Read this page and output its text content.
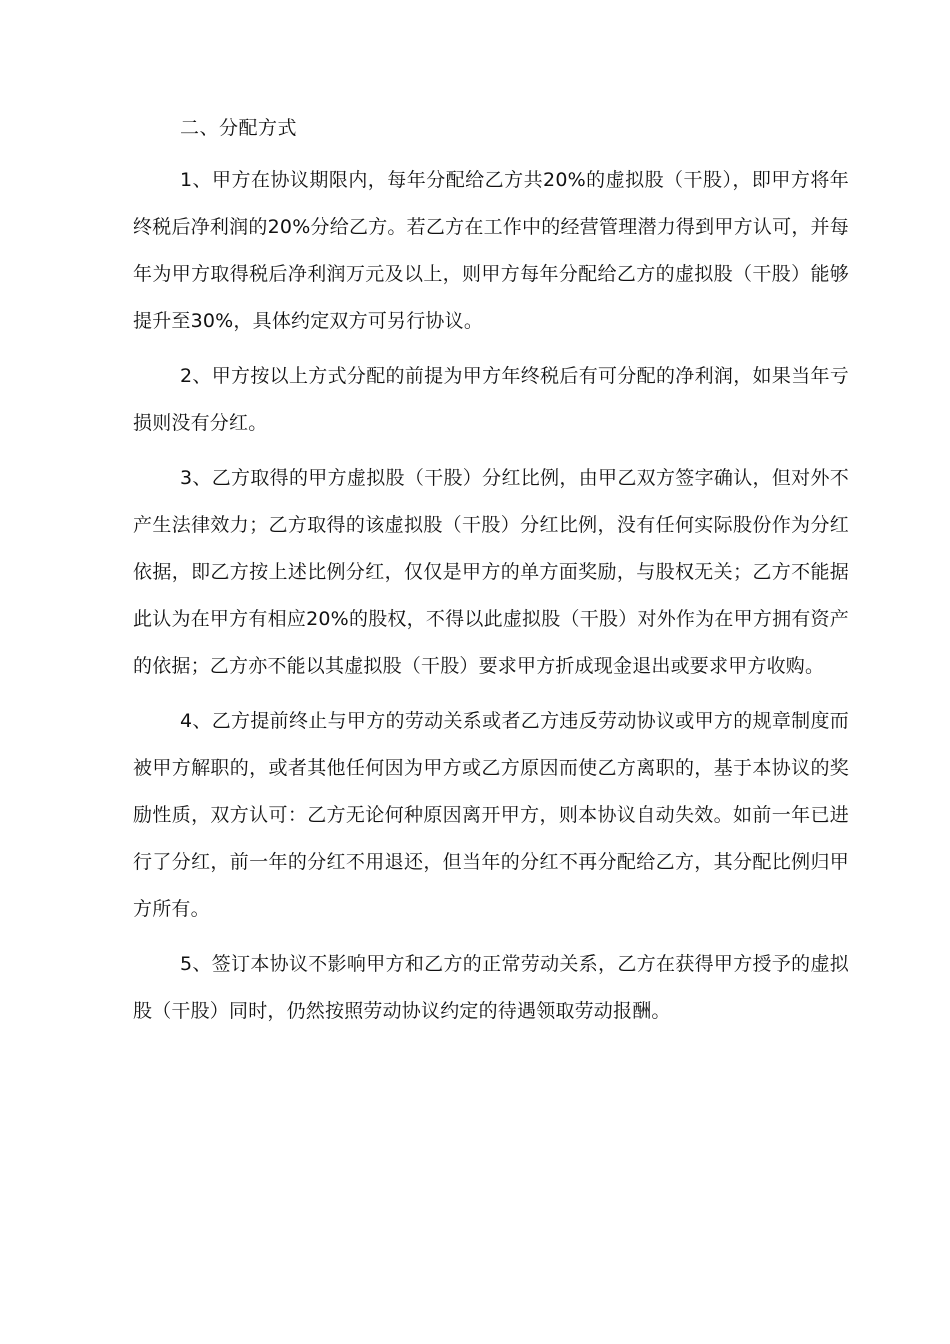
二、分配方式

1、甲方在协议期限内，每年分配给乙方共20%的虚拟股（干股），即甲方将年终税后净利润的20%分给乙方。若乙方在工作中的经营管理潜力得到甲方认可，并每年为甲方取得税后净利润万元及以上，则甲方每年分配给乙方的虚拟股（干股）能够提升至30%，具体约定双方可另行协议。

2、甲方按以上方式分配的前提为甲方年终税后有可分配的净利润，如果当年亏损则没有分红。

3、乙方取得的甲方虚拟股（干股）分红比例，由甲乙双方签字确认，但对外不产生法律效力；乙方取得的该虚拟股（干股）分红比例，没有任何实际股份作为分红依据，即乙方按上述比例分红，仅仅是甲方的单方面奖励，与股权无关；乙方不能据此认为在甲方有相应20%的股权，不得以此虚拟股（干股）对外作为在甲方拥有资产的依据；乙方亦不能以其虚拟股（干股）要求甲方折成现金退出或要求甲方收购。

4、乙方提前终止与甲方的劳动关系或者乙方违反劳动协议或甲方的规章制度而被甲方解职的，或者其他任何因为甲方或乙方原因而使乙方离职的，基于本协议的奖励性质，双方认可：乙方无论何种原因离开甲方，则本协议自动失效。如前一年已进行了分红，前一年的分红不用退还，但当年的分红不再分配给乙方，其分配比例归甲方所有。

5、签订本协议不影响甲方和乙方的正常劳动关系，乙方在获得甲方授予的虚拟股（干股）同时，仍然按照劳动协议约定的待遇领取劳动报酬。
